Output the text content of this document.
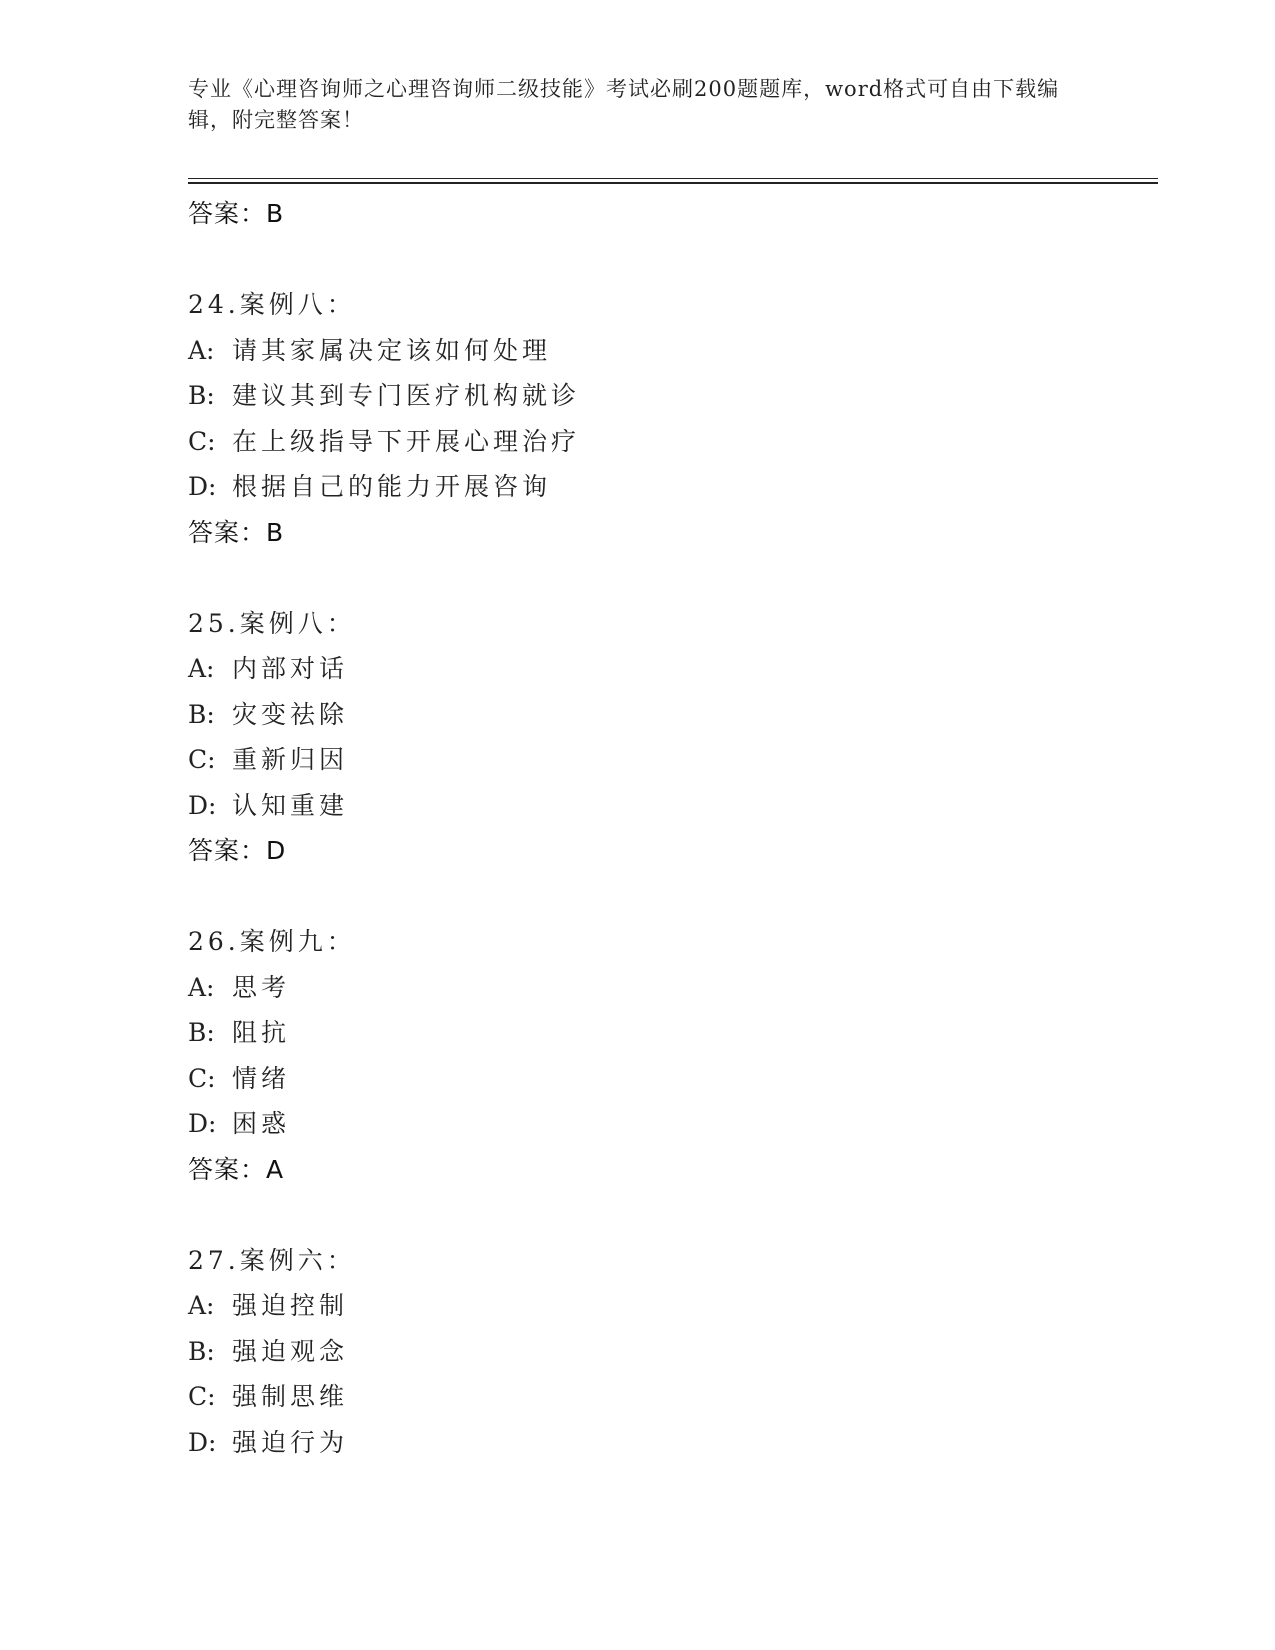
专业《心理咨询师之心理咨询师二级技能》考试必刷200题题库，word格式可自由下载编辑，附完整答案！
答案：B
24.案例八：
A: 请其家属决定该如何处理
B: 建议其到专门医疗机构就诊
C: 在上级指导下开展心理治疗
D: 根据自己的能力开展咨询
答案：B
25.案例八：
A: 内部对话
B: 灾变祛除
C: 重新归因
D: 认知重建
答案：D
26.案例九：
A: 思考
B: 阻抗
C: 情绪
D: 困惑
答案：A
27.案例六：
A: 强迫控制
B: 强迫观念
C: 强制思维
D: 强迫行为
